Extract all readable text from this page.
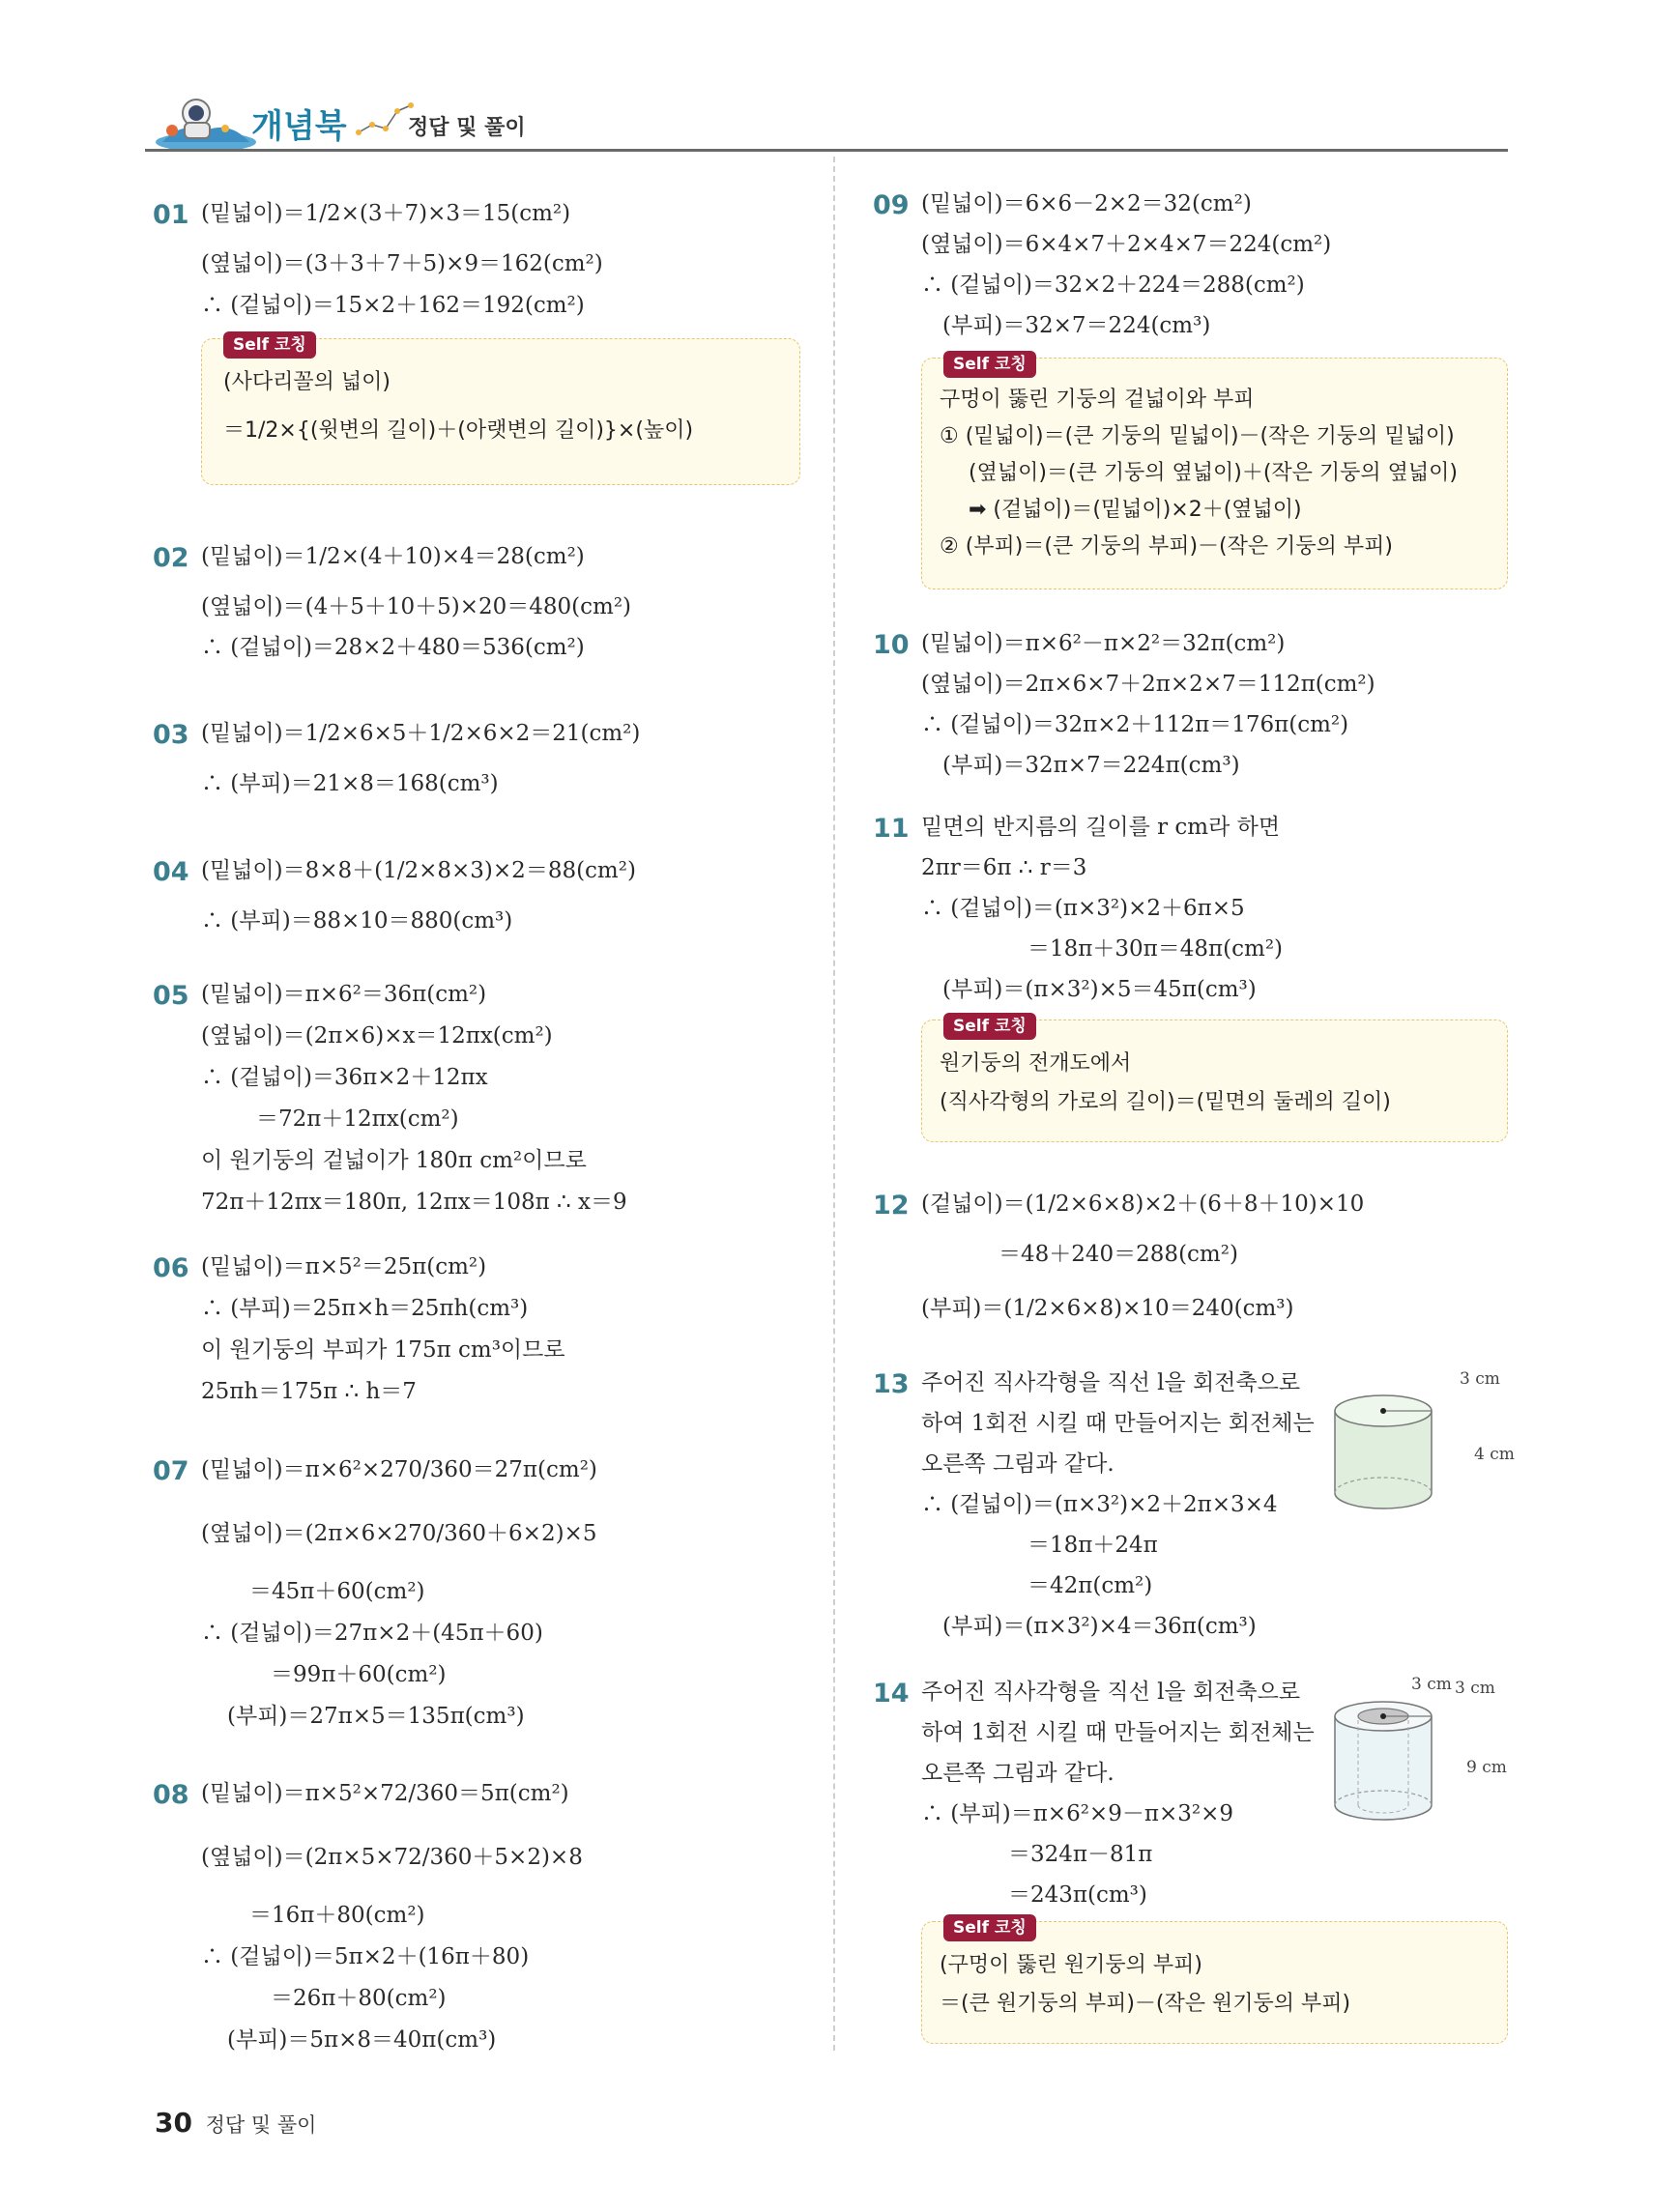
개념북	정답 및 풀이
01 (밑넓이)＝1/2×(3＋7)×3＝15(cm²)
(옆넓이)＝(3＋3＋7＋5)×9＝162(cm²)
∴ (겉넓이)＝15×2＋162＝192(cm²)
Self 코칭
(사다리꼴의 넓이)
＝1/2×{(윗변의 길이)＋(아랫변의 길이)}×(높이)
02 (밑넓이)＝1/2×(4＋10)×4＝28(cm²)
(옆넓이)＝(4＋5＋10＋5)×20＝480(cm²)
∴ (겉넓이)＝28×2＋480＝536(cm²)
03 (밑넓이)＝1/2×6×5＋1/2×6×2＝21(cm²)
∴ (부피)＝21×8＝168(cm³)
04 (밑넓이)＝8×8＋(1/2×8×3)×2＝88(cm²)
∴ (부피)＝88×10＝880(cm³)
05 (밑넓이)＝π×6²＝36π(cm²)
(옆넓이)＝(2π×6)×x＝12πx(cm²)
∴ (겉넓이)＝36π×2＋12πx
＝72π＋12πx(cm²)
이 원기둥의 겉넓이가 180π cm²이므로
72π＋12πx＝180π, 12πx＝108π ∴ x＝9
06 (밑넓이)＝π×5²＝25π(cm²)
∴ (부피)＝25π×h＝25πh(cm³)
이 원기둥의 부피가 175π cm³이므로
25πh＝175π ∴ h＝7
07 (밑넓이)＝π×6²×270/360＝27π(cm²)
(옆넓이)＝(2π×6×270/360＋6×2)×5
＝45π＋60(cm²)
∴ (겉넓이)＝27π×2＋(45π＋60)
＝99π＋60(cm²)
(부피)＝27π×5＝135π(cm³)
08 (밑넓이)＝π×5²×72/360＝5π(cm²)
(옆넓이)＝(2π×5×72/360＋5×2)×8
＝16π＋80(cm²)
∴ (겉넓이)＝5π×2＋(16π＋80)
＝26π＋80(cm²)
(부피)＝5π×8＝40π(cm³)
09 (밑넓이)＝6×6－2×2＝32(cm²)
(옆넓이)＝6×4×7＋2×4×7＝224(cm²)
∴ (겉넓이)＝32×2＋224＝288(cm²)
(부피)＝32×7＝224(cm³)
Self 코칭
구멍이 뚫린 기둥의 겉넓이와 부피
① (밑넓이)＝(큰 기둥의 밑넓이)－(작은 기둥의 밑넓이)
(옆넓이)＝(큰 기둥의 옆넓이)＋(작은 기둥의 옆넓이)
➡ (겉넓이)＝(밑넓이)×2＋(옆넓이)
② (부피)＝(큰 기둥의 부피)－(작은 기둥의 부피)
10 (밑넓이)＝π×6²－π×2²＝32π(cm²)
(옆넓이)＝2π×6×7＋2π×2×7＝112π(cm²)
∴ (겉넓이)＝32π×2＋112π＝176π(cm²)
(부피)＝32π×7＝224π(cm³)
11 밑면의 반지름의 길이를 r cm라 하면
2πr＝6π ∴ r＝3
∴ (겉넓이)＝(π×3²)×2＋6π×5
＝18π＋30π＝48π(cm²)
(부피)＝(π×3²)×5＝45π(cm³)
Self 코칭
원기둥의 전개도에서
(직사각형의 가로의 길이)＝(밑면의 둘레의 길이)
12 (겉넓이)＝(1/2×6×8)×2＋(6＋8＋10)×10
＝48＋240＝288(cm²)
(부피)＝(1/2×6×8)×10＝240(cm³)
13 주어진 직사각형을 직선 l을 회전축으로
하여 1회전 시킬 때 만들어지는 회전체는
오른쪽 그림과 같다.
∴ (겉넓이)＝(π×3²)×2＋2π×3×4
＝18π＋24π
＝42π(cm²)
(부피)＝(π×3²)×4＝36π(cm³)
3 cm
4 cm
14 주어진 직사각형을 직선 l을 회전축으로
하여 1회전 시킬 때 만들어지는 회전체는
오른쪽 그림과 같다.
∴ (부피)＝π×6²×9－π×3²×9
＝324π－81π
＝243π(cm³)
3 cm 3 cm
9 cm
Self 코칭
(구멍이 뚫린 원기둥의 부피)
＝(큰 원기둥의 부피)－(작은 원기둥의 부피)
30 정답 및 풀이
